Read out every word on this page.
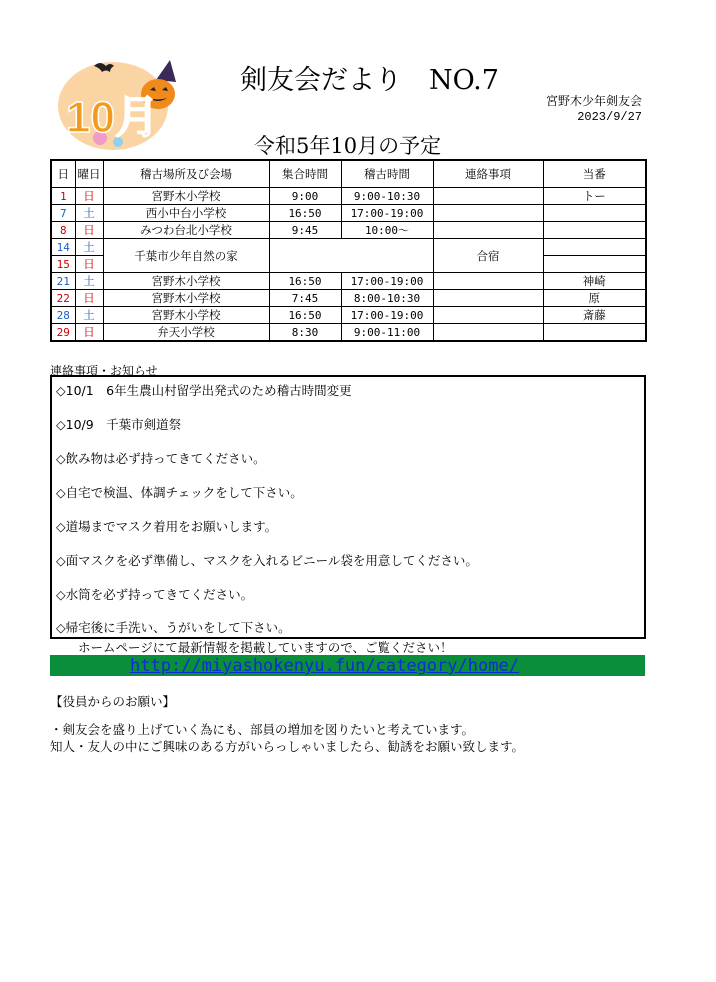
10月
剣友会だより　NO.7
宮野木少年剣友会
2023/9/27
令和5年10月の予定
日	曜日	稽古場所及び会場	集合時間	稽古時間	連絡事項	当番
1	日	宮野木小学校	9:00	9:00-10:30		トー
7	土	西小中台小学校	16:50	17:00-19:00		
8	日	みつわ台北小学校	9:45	10:00～		
14	土	千葉市少年自然の家			合宿	
15	日					
21	土	宮野木小学校	16:50	17:00-19:00		神崎
22	日	宮野木小学校	7:45	8:00-10:30		原
28	土	宮野木小学校	16:50	17:00-19:00		斎藤
29	日	弁天小学校	8:30	9:00-11:00		
連絡事項・お知らせ
◇10/1　6年生農山村留学出発式のため稽古時間変更
◇10/9　千葉市剣道祭
◇飲み物は必ず持ってきてください。
◇自宅で検温、体調チェックをして下さい。
◇道場までマスク着用をお願いします。
◇面マスクを必ず準備し、マスクを入れるビニール袋を用意してください。
◇水筒を必ず持ってきてください。
◇帰宅後に手洗い、うがいをして下さい。
ホームページにて最新情報を掲載していますので、ご覧ください！
http://miyashokenyu.fun/category/home/
【役員からのお願い】
・剣友会を盛り上げていく為にも、部員の増加を図りたいと考えています。
知人・友人の中にご興味のある方がいらっしゃいましたら、勧誘をお願い致します。
